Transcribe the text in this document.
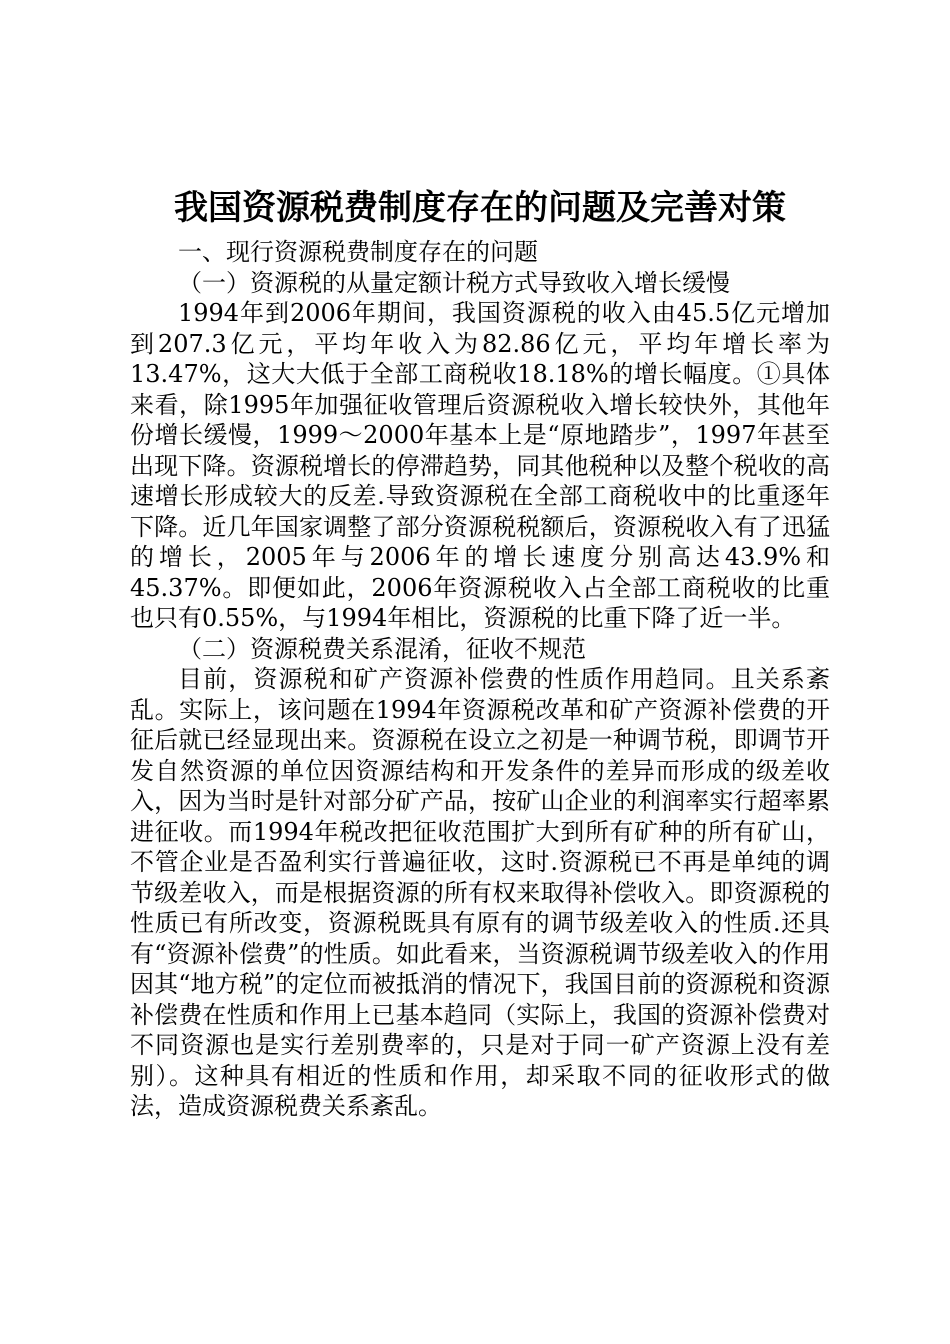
我国资源税费制度存在的问题及完善对策

一、现行资源税费制度存在的问题

（一）资源税的从量定额计税方式导致收入增长缓慢

1994年到2006年期间，我国资源税的收入由45.5亿元增加到207.3亿元，平均年收入为82.86亿元，平均年增长率为13.47%，这大大低于全部工商税收18.18%的增长幅度。①具体来看，除1995年加强征收管理后资源税收入增长较快外，其他年份增长缓慢，1999～2000年基本上是“原地踏步”，1997年甚至出现下降。资源税增长的停滞趋势，同其他税种以及整个税收的高速增长形成较大的反差.导致资源税在全部工商税收中的比重逐年下降。近几年国家调整了部分资源税税额后，资源税收入有了迅猛的增长，2005年与2006年的增长速度分别高达43.9%和45.37%。即便如此，2006年资源税收入占全部工商税收的比重也只有0.55%，与1994年相比，资源税的比重下降了近一半。

（二）资源税费关系混淆，征收不规范

目前，资源税和矿产资源补偿费的性质作用趋同。且关系紊乱。实际上，该问题在1994年资源税改革和矿产资源补偿费的开征后就已经显现出来。资源税在设立之初是一种调节税，即调节开发自然资源的单位因资源结构和开发条件的差异而形成的级差收入，因为当时是针对部分矿产品，按矿山企业的利润率实行超率累进征收。而1994年税改把征收范围扩大到所有矿种的所有矿山，不管企业是否盈利实行普遍征收，这时.资源税已不再是单纯的调节级差收入，而是根据资源的所有权来取得补偿收入。即资源税的性质已有所改变，资源税既具有原有的调节级差收入的性质.还具有“资源补偿费”的性质。如此看来，当资源税调节级差收入的作用因其“地方税”的定位而被抵消的情况下，我国目前的资源税和资源补偿费在性质和作用上已基本趋同（实际上，我国的资源补偿费对不同资源也是实行差别费率的，只是对于同一矿产资源上没有差别）。这种具有相近的性质和作用，却采取不同的征收形式的做法，造成资源税费关系紊乱。
